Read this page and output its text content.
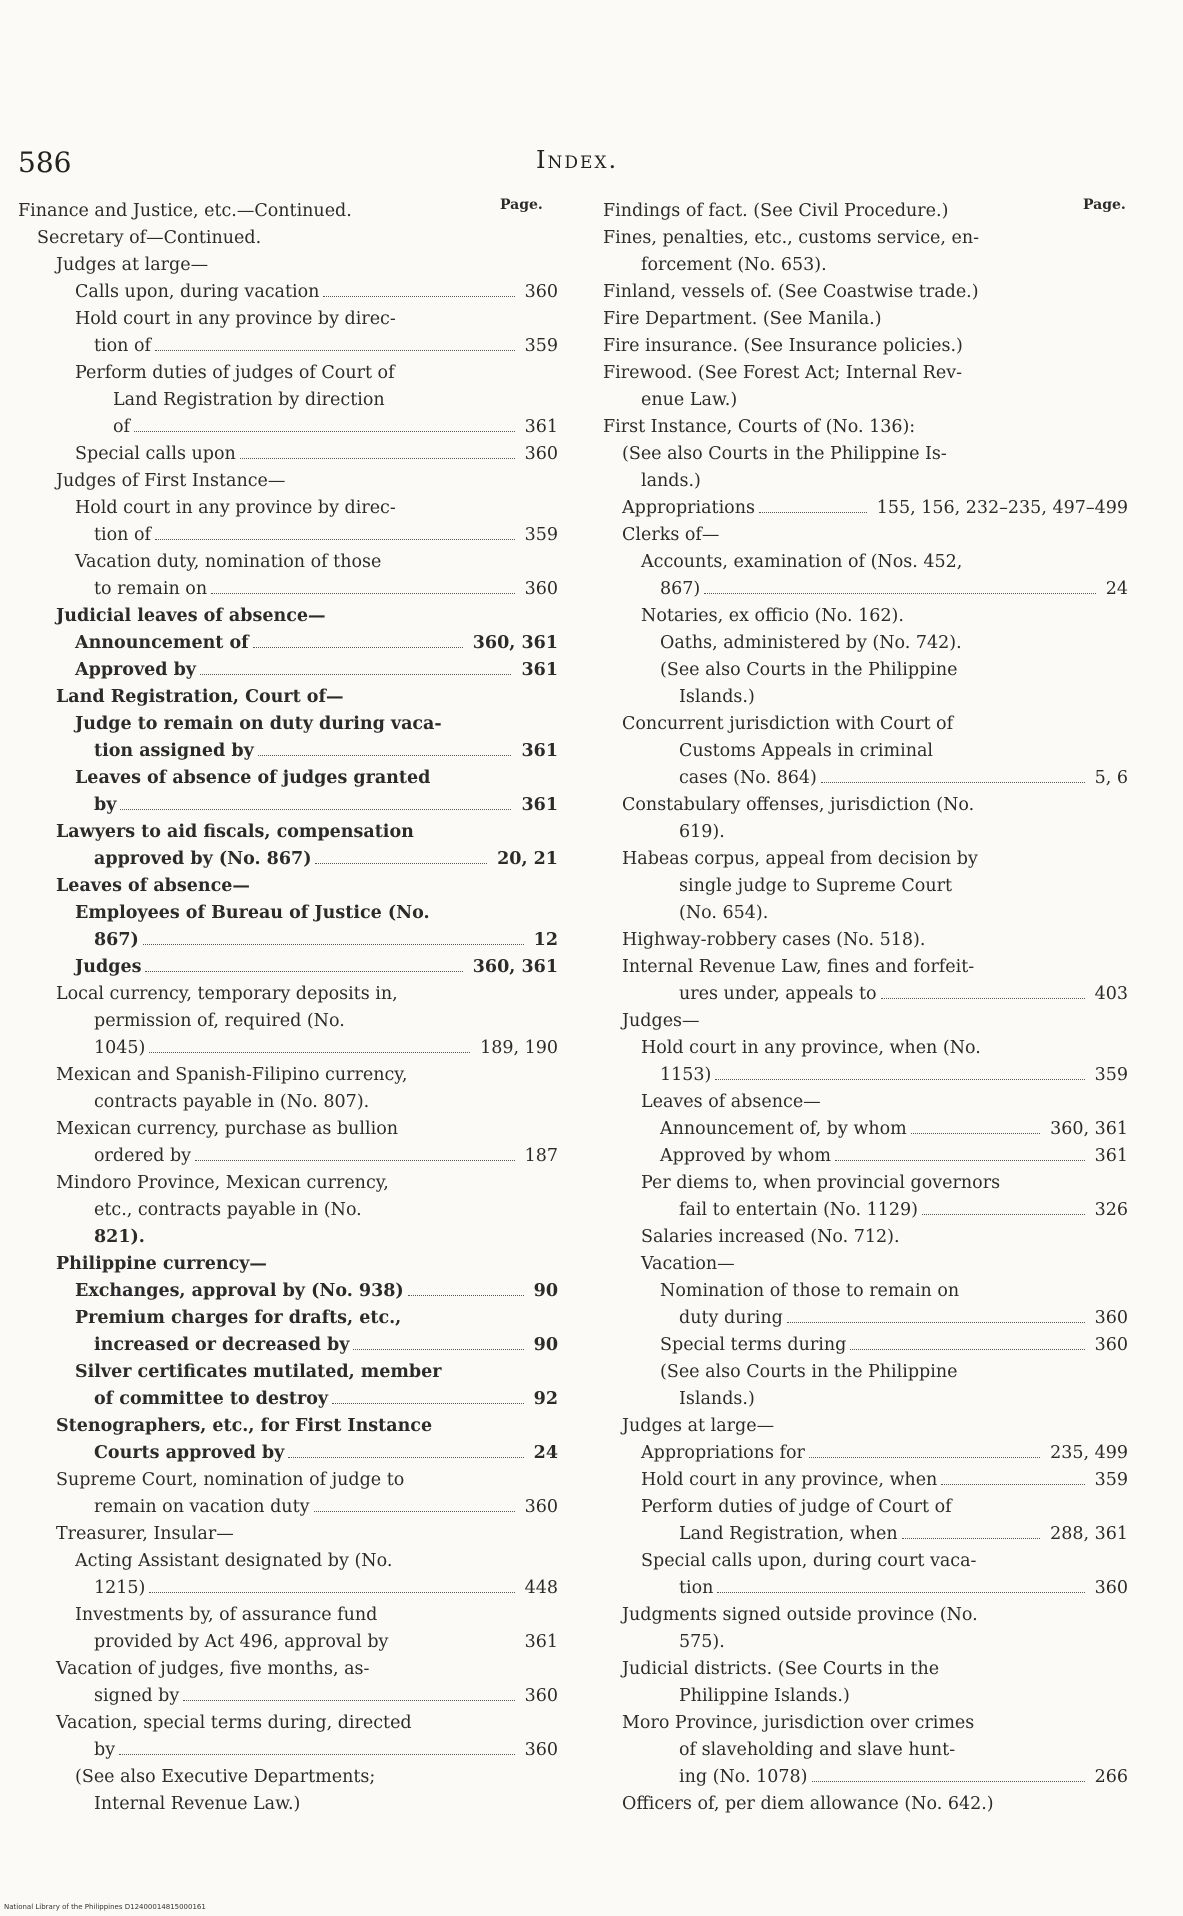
586	Index.
Page.
Finance and Justice, etc.—Continued.
Secretary of—Continued.
Judges at large—
Calls upon, during vacation	360
Hold court in any province by direc-
tion of	359
Perform duties of judges of Court of
Land Registration by direction
of	361
Special calls upon	360
Judges of First Instance—
Hold court in any province by direc-
tion of	359
Vacation duty, nomination of those
to remain on	360
Judicial leaves of absence—
Announcement of	360, 361
Approved by	361
Land Registration, Court of—
Judge to remain on duty during vaca-
tion assigned by	361
Leaves of absence of judges granted
by	361
Lawyers to aid fiscals, compensation
approved by (No. 867)	20, 21
Leaves of absence—
Employees of Bureau of Justice (No.
867)	12
Judges	360, 361
Local currency, temporary deposits in,
permission of, required (No.
1045)	189, 190
Mexican and Spanish-Filipino currency,
contracts payable in (No. 807).
Mexican currency, purchase as bullion
ordered by	187
Mindoro Province, Mexican currency,
etc., contracts payable in (No.
821).
Philippine currency—
Exchanges, approval by (No. 938)	90
Premium charges for drafts, etc.,
increased or decreased by	90
Silver certificates mutilated, member
of committee to destroy	92
Stenographers, etc., for First Instance
Courts approved by	24
Supreme Court, nomination of judge to
remain on vacation duty	360
Treasurer, Insular—
Acting Assistant designated by (No.
1215)	448
Investments by, of assurance fund
provided by Act 496, approval by	361
Vacation of judges, five months, as-
signed by	360
Vacation, special terms during, directed
by	360
(See also Executive Departments;
Internal Revenue Law.)
Page.
Findings of fact. (See Civil Procedure.)
Fines, penalties, etc., customs service, en-
forcement (No. 653).
Finland, vessels of. (See Coastwise trade.)
Fire Department. (See Manila.)
Fire insurance. (See Insurance policies.)
Firewood. (See Forest Act; Internal Rev-
enue Law.)
First Instance, Courts of (No. 136):
(See also Courts in the Philippine Is-
lands.)
Appropriations	155, 156, 232–235, 497–499
Clerks of—
Accounts, examination of (Nos. 452,
867)	24
Notaries, ex officio (No. 162).
Oaths, administered by (No. 742).
(See also Courts in the Philippine
Islands.)
Concurrent jurisdiction with Court of
Customs Appeals in criminal
cases (No. 864)	5, 6
Constabulary offenses, jurisdiction (No.
619).
Habeas corpus, appeal from decision by
single judge to Supreme Court
(No. 654).
Highway-robbery cases (No. 518).
Internal Revenue Law, fines and forfeit-
ures under, appeals to	403
Judges—
Hold court in any province, when (No.
1153)	359
Leaves of absence—
Announcement of, by whom	360, 361
Approved by whom	361
Per diems to, when provincial governors
fail to entertain (No. 1129)	326
Salaries increased (No. 712).
Vacation—
Nomination of those to remain on
duty during	360
Special terms during	360
(See also Courts in the Philippine
Islands.)
Judges at large—
Appropriations for	235, 499
Hold court in any province, when	359
Perform duties of judge of Court of
Land Registration, when	288, 361
Special calls upon, during court vaca-
tion	360
Judgments signed outside province (No.
575).
Judicial districts. (See Courts in the
Philippine Islands.)
Moro Province, jurisdiction over crimes
of slaveholding and slave hunt-
ing (No. 1078)	266
Officers of, per diem allowance (No. 642.)
National Library of the Philippines D12400014815000161
